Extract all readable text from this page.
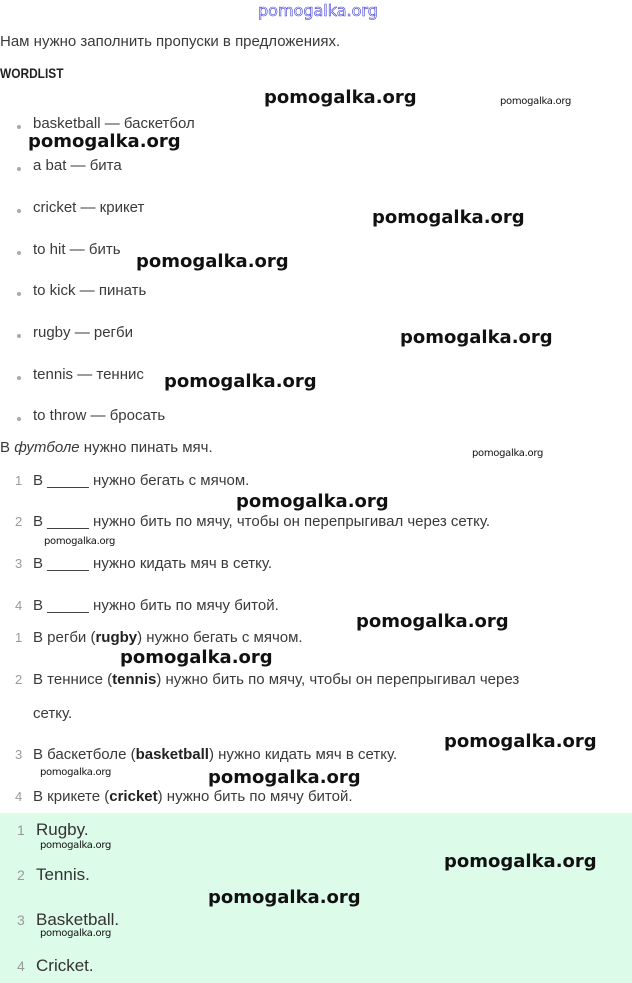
pomogalka.org
Нам нужно заполнить пропуски в предложениях.
WORDLIST
basketball — баскетбол
a bat — бита
cricket — крикет
to hit — бить
to kick — пинать
rugby — регби
tennis — теннис
to throw — бросать
В футболе нужно пинать мяч.
1 В _____ нужно бегать с мячом.
2 В _____ нужно бить по мячу, чтобы он перепрыгивал через сетку.
3 В _____ нужно кидать мяч в сетку.
4 В _____ нужно бить по мячу битой.
1 В регби (rugby) нужно бегать с мячом.
2 В теннисе (tennis) нужно бить по мячу, чтобы он перепрыгивал через
сетку.
3 В баскетболе (basketball) нужно кидать мяч в сетку.
4 В крикете (cricket) нужно бить по мячу битой.
1 Rugby.
2 Tennis.
3 Basketball.
4 Cricket.
pomogalka.org	pomogalka.org
pomogalka.org
pomogalka.org
pomogalka.org
pomogalka.org
pomogalka.org
pomogalka.org
pomogalka.org
pomogalka.org
pomogalka.org
pomogalka.org
pomogalka.org
pomogalka.org	pomogalka.org
pomogalka.org
pomogalka.org
pomogalka.org
pomogalka.org
